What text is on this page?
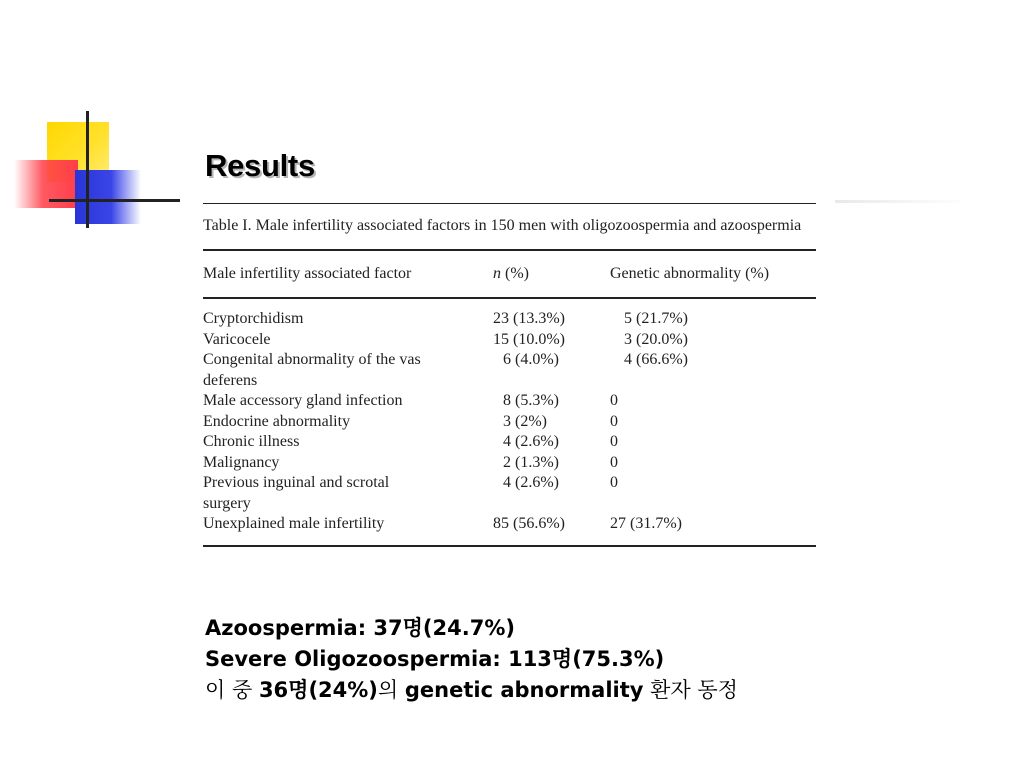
Results
Table I. Male infertility associated factors in 150 men with oligozoospermia and azoospermia
Male infertility associated factor	n (%)	Genetic abnormality (%)
Cryptorchidism	23 (13.3%)	5 (21.7%)
Varicocele	15 (10.0%)	3 (20.0%)
Congenital abnormality of the vas	6 (4.0%)	4 (66.6%)
deferens
Male accessory gland infection	8 (5.3%)	0
Endocrine abnormality	3 (2%)	0
Chronic illness	4 (2.6%)	0
Malignancy	2 (1.3%)	0
Previous inguinal and scrotal	4 (2.6%)	0
surgery
Unexplained male infertility	85 (56.6%)	27 (31.7%)
Azoospermia: 37명(24.7%)
Severe Oligozoospermia: 113명(75.3%)
이 중 36명(24%)의 genetic abnormality 환자 동정
